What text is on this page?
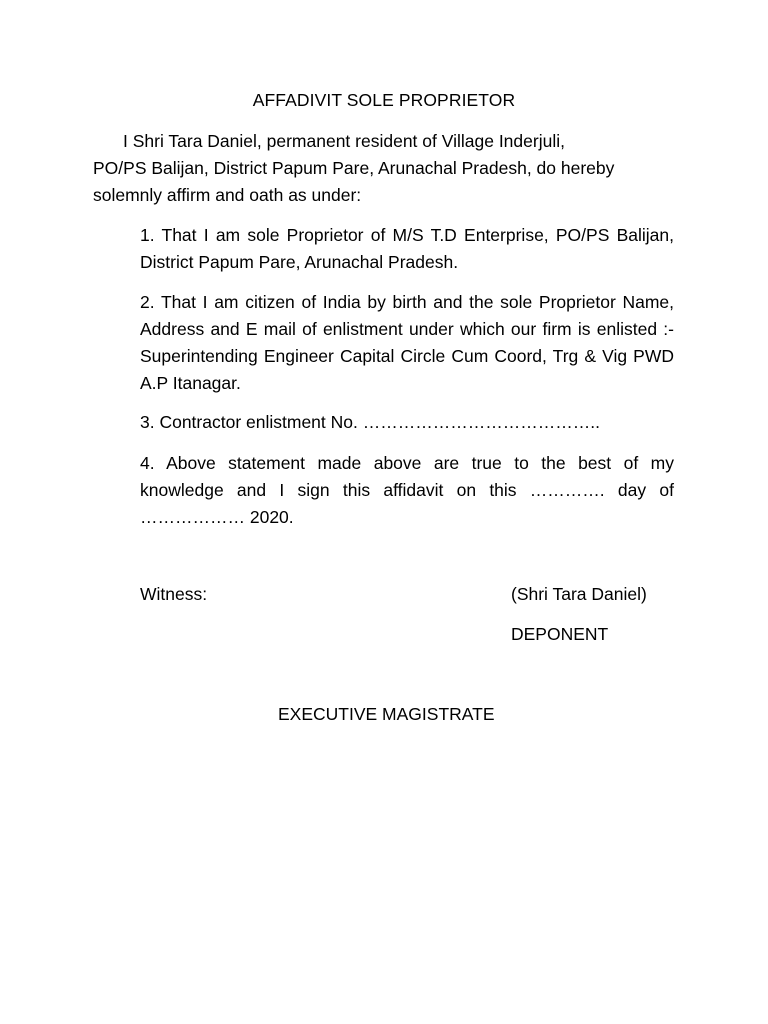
AFFADIVIT SOLE PROPRIETOR

I Shri Tara Daniel, permanent resident of Village Inderjuli,
PO/PS Balijan, District Papum Pare, Arunachal Pradesh, do hereby
solemnly affirm and oath as under:

1. That I am sole Proprietor of M/S T.D Enterprise, PO/PS Balijan, District Papum Pare, Arunachal Pradesh.

2. That I am citizen of India by birth and the sole Proprietor Name, Address and E mail of enlistment under which our firm is enlisted :- Superintending Engineer Capital Circle Cum Coord, Trg & Vig PWD A.P Itanagar.

3. Contractor enlistment No. …………………………………..

4. Above statement made above are true to the best of my knowledge and I sign this affidavit on this …………. day of ……………… 2020.

Witness:	(Shri Tara Daniel)
DEPONENT
EXECUTIVE MAGISTRATE
